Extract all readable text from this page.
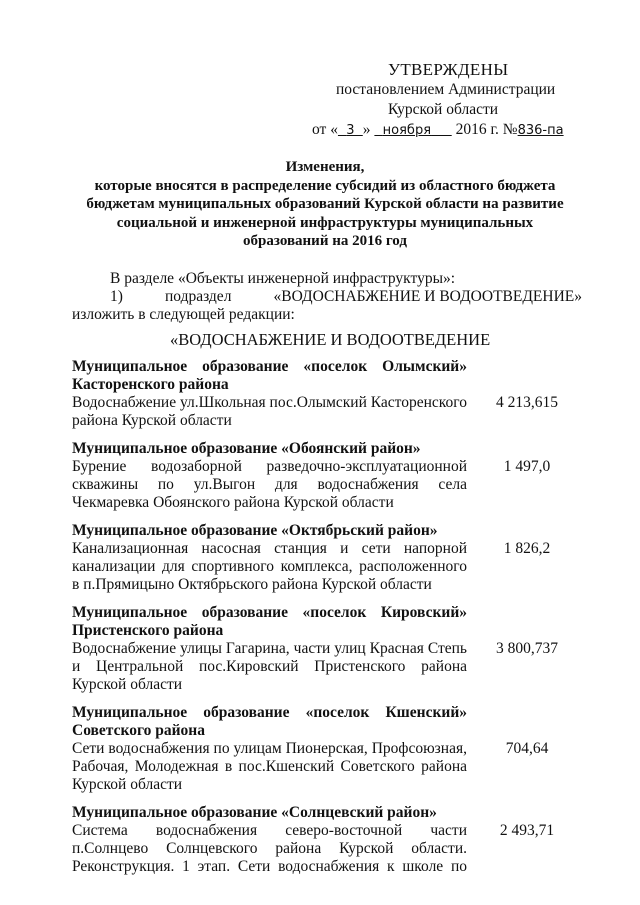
УТВЕРЖДЕНЫ
постановлением Администрации
Курской области
от « 3 » ноября 2016 г. №836-па
Изменения,
которые вносятся в распределение субсидий из областного бюджета
бюджетам муниципальных образований Курской области на развитие
социальной и инженерной инфраструктуры муниципальных
образований на 2016 год
В разделе «Объекты инженерной инфраструктуры»:
1)	подраздел	«ВОДОСНАБЖЕНИЕ И ВОДООТВЕДЕНИЕ»
изложить в следующей редакции:
«ВОДОСНАБЖЕНИЕ И ВОДООТВЕДЕНИЕ
Муниципальное образование «поселок Олымский» Касторенского района
Водоснабжение ул.Школьная пос.Олымский Касторенского района Курской области
4 213,615
Муниципальное образование «Обоянский район»
Бурение водозаборной разведочно-эксплуатационной скважины по ул.Выгон для водоснабжения села Чекмаревка Обоянского района Курской области
1 497,0
Муниципальное образование «Октябрьский район»
Канализационная насосная станция и сети напорной канализации для спортивного комплекса, расположенного в п.Прямицыно Октябрьского района Курской области
1 826,2
Муниципальное образование «поселок Кировский» Пристенского района
Водоснабжение улицы Гагарина, части улиц Красная Степь и Центральной пос.Кировский Пристенского района Курской области
3 800,737
Муниципальное образование «поселок Кшенский» Советского района
Сети водоснабжения по улицам Пионерская, Профсоюзная, Рабочая, Молодежная в пос.Кшенский Советского района Курской области
704,64
Муниципальное образование «Солнцевский район»
Система водоснабжения северо-восточной части п.Солнцево Солнцевского района Курской области. Реконструкция. 1 этап. Сети водоснабжения к школе по
2 493,71
